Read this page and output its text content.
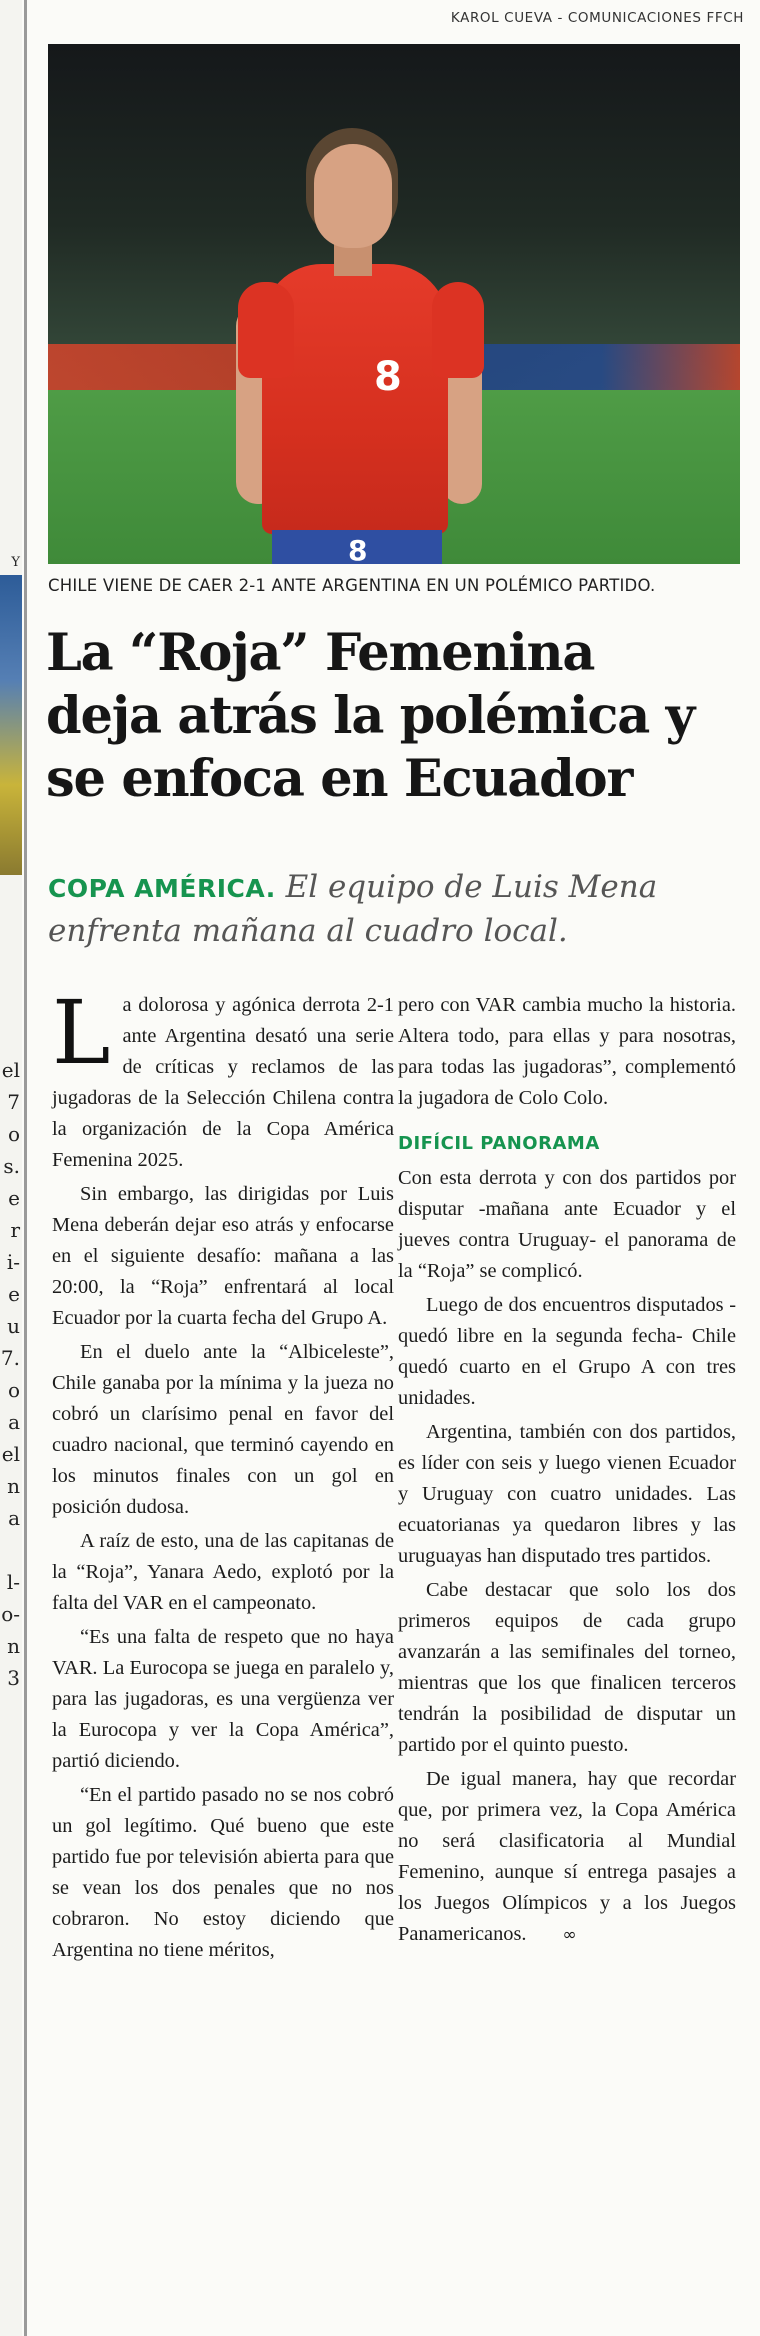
Y
el
7
o
s.
e
r
i-
e
u
7.
o
a
el
n
a
l-
o-
n
3
KAROL CUEVA - COMUNICACIONES FFCH
8
8
CHILE VIENE DE CAER 2-1 ANTE ARGENTINA EN UN POLÉMICO PARTIDO.
La “Roja” Femenina
deja atrás la polémica y
se enfoca en Ecuador
COPA AMÉRICA. El equipo de Luis Mena
enfrenta mañana al cuadro local.

La dolorosa y agónica derrota 2-1 ante Argentina desató una serie de críticas y reclamos de las jugadoras de la Selección Chilena contra la organización de la Copa América Femenina 2025.

Sin embargo, las dirigidas por Luis Mena deberán dejar eso atrás y enfocarse en el siguiente desafío: mañana a las 20:00, la “Roja” enfrentará al local Ecuador por la cuarta fecha del Grupo A.

En el duelo ante la “Albiceleste”, Chile ganaba por la mínima y la jueza no cobró un clarísimo penal en favor del cuadro nacional, que terminó cayendo en los minutos finales con un gol en posición dudosa.

A raíz de esto, una de las capitanas de la “Roja”, Yanara Aedo, explotó por la falta del VAR en el campeonato.

“Es una falta de respeto que no haya VAR. La Eurocopa se juega en paralelo y, para las jugadoras, es una vergüenza ver la Eurocopa y ver la Copa América”, partió diciendo.

“En el partido pasado no se nos cobró un gol legítimo. Qué bueno que este partido fue por televisión abierta para que se vean los dos penales que no nos cobraron. No estoy diciendo que Argentina no tiene méritos,

pero con VAR cambia mucho la historia. Altera todo, para ellas y para nosotras, para todas las jugadoras”, complementó la jugadora de Colo Colo.

DIFÍCIL PANORAMA

Con esta derrota y con dos partidos por disputar -mañana ante Ecuador y el jueves contra Uruguay- el panorama de la “Roja” se complicó.

Luego de dos encuentros disputados -quedó libre en la segunda fecha- Chile quedó cuarto en el Grupo A con tres unidades.

Argentina, también con dos partidos, es líder con seis y luego vienen Ecuador y Uruguay con cuatro unidades. Las ecuatorianas ya quedaron libres y las uruguayas han disputado tres partidos.

Cabe destacar que solo los dos primeros equipos de cada grupo avanzarán a las semifinales del torneo, mientras que los que finalicen terceros tendrán la posibilidad de disputar un partido por el quinto puesto.

De igual manera, hay que recordar que, por primera vez, la Copa América no será clasificatoria al Mundial Femenino, aunque sí entrega pasajes a los Juegos Olímpicos y a los Juegos Panamericanos. ∞
